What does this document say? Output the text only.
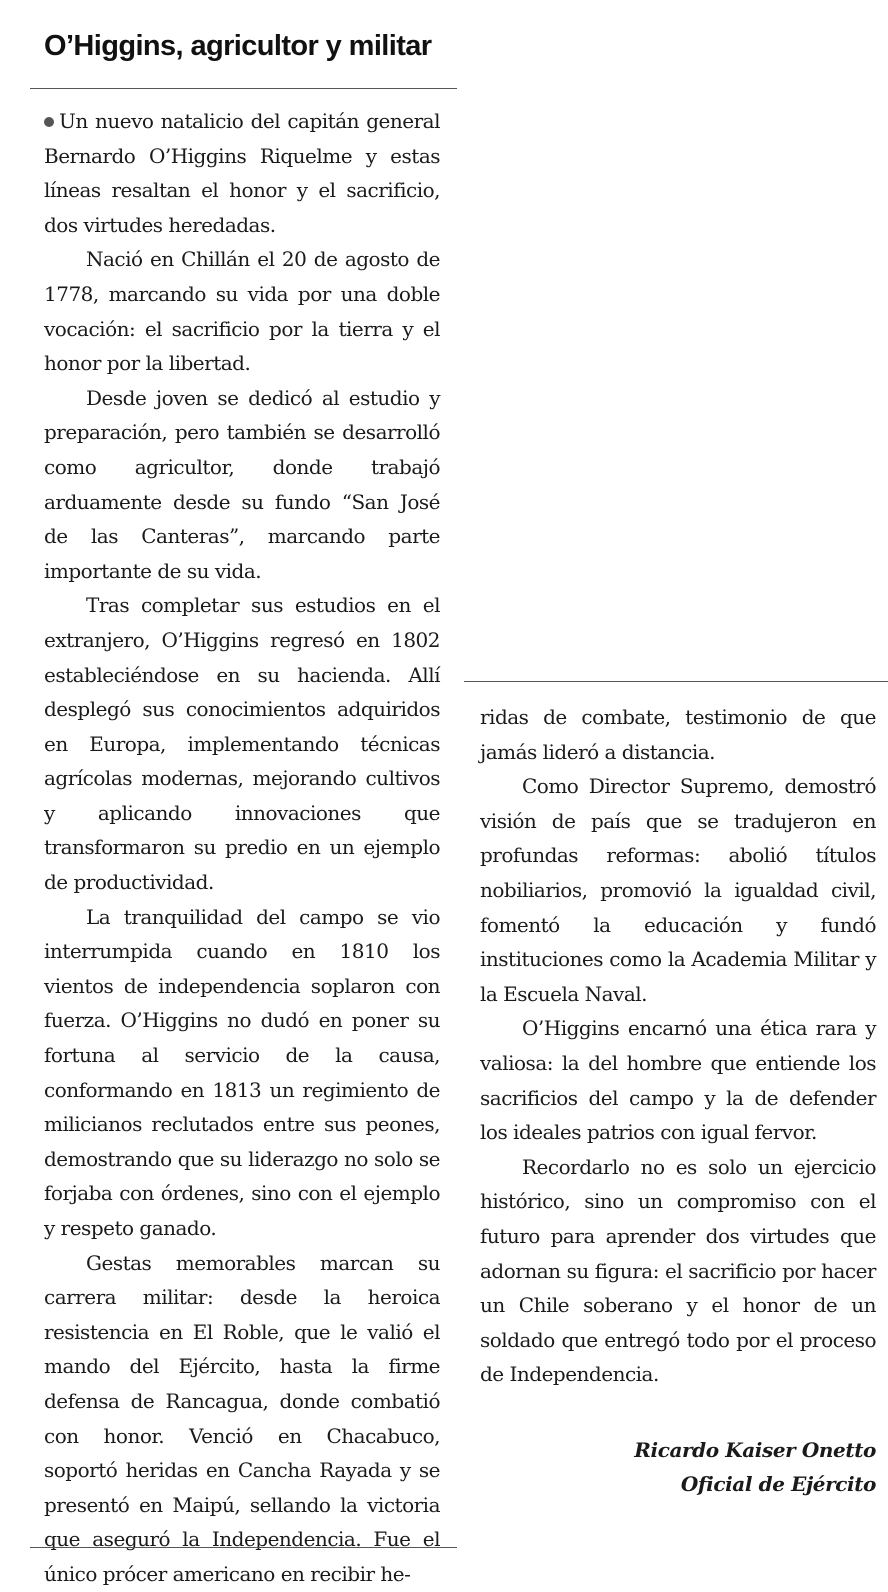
O’Higgins, agricultor y militar

Un nuevo natalicio del capitán general Bernardo O’Higgins Riquelme y estas líneas resaltan el honor y el sacrificio, dos virtudes heredadas.

Nació en Chillán el 20 de agosto de 1778, marcando su vida por una doble vocación: el sacrificio por la tierra y el honor por la libertad.

Desde joven se dedicó al estudio y preparación, pero también se desarrolló como agricultor, donde trabajó arduamente desde su fundo “San José de las Canteras”, marcando parte importante de su vida.

Tras completar sus estudios en el extranjero, O’Higgins regresó en 1802 estableciéndose en su hacienda. Allí desplegó sus conocimientos adquiridos en Europa, implementando técnicas agrícolas modernas, mejorando cultivos y aplicando innovaciones que transformaron su predio en un ejemplo de productividad.

La tranquilidad del campo se vio interrumpida cuando en 1810 los vientos de independencia soplaron con fuerza. O’Higgins no dudó en poner su fortuna al servicio de la causa, conformando en 1813 un regimiento de milicianos reclutados entre sus peones, demostrando que su liderazgo no solo se forjaba con órdenes, sino con el ejemplo y respeto ganado.

Gestas memorables marcan su carrera militar: desde la heroica resistencia en El Roble, que le valió el mando del Ejército, hasta la firme defensa de Rancagua, donde combatió con honor. Venció en Chacabuco, soportó heridas en Cancha Rayada y se presentó en Maipú, sellando la victoria que aseguró la Independencia. Fue el único prócer americano en recibir he-

ridas de combate, testimonio de que jamás lideró a distancia.

Como Director Supremo, demostró visión de país que se tradujeron en profundas reformas: abolió títulos nobiliarios, promovió la igualdad civil, fomentó la educación y fundó instituciones como la Academia Militar y la Escuela Naval.

O’Higgins encarnó una ética rara y valiosa: la del hombre que entiende los sacrificios del campo y la de defender los ideales patrios con igual fervor.

Recordarlo no es solo un ejercicio histórico, sino un compromiso con el futuro para aprender dos virtudes que adornan su figura: el sacrificio por hacer un Chile soberano y el honor de un soldado que entregó todo por el proceso de Independencia.

Ricardo Kaiser Onetto
Oficial de Ejército
